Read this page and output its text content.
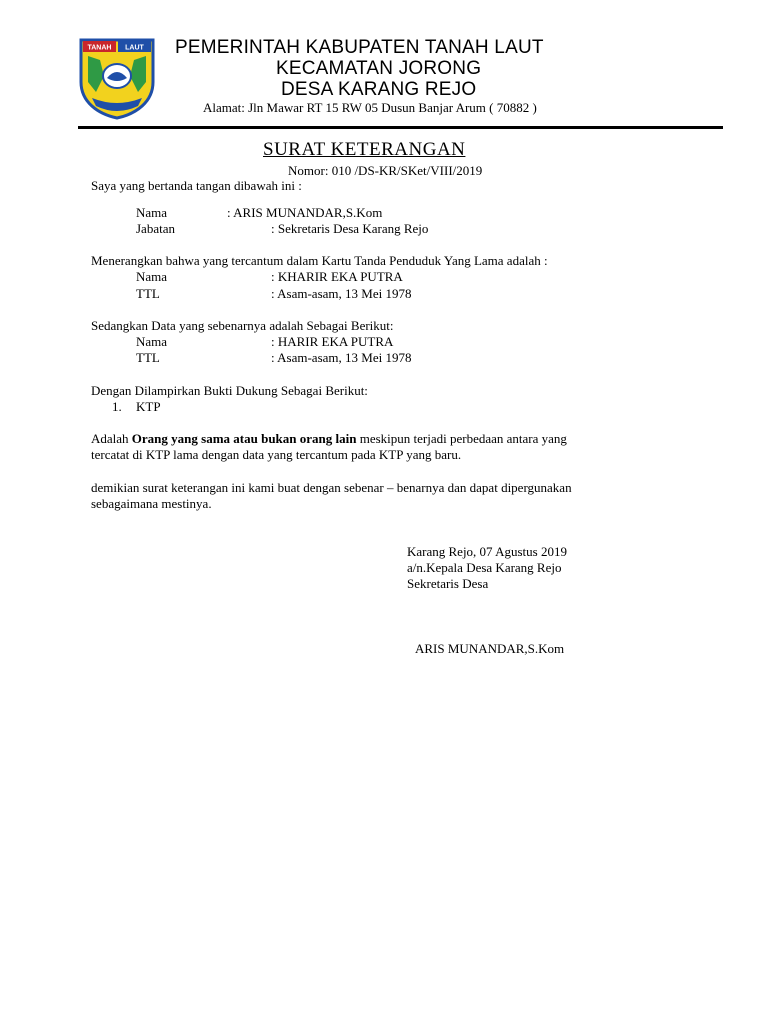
TANAH LAUT PEMERINTAH KABUPATEN TANAH LAUT
KECAMATAN JORONG
DESA KARANG REJO
Alamat: Jln Mawar RT 15 RW 05 Dusun Banjar Arum ( 70882 )
SURAT KETERANGAN
Nomor: 010 /DS-KR/SKet/VIII/2019
Saya yang bertanda tangan dibawah ini :
Nama	: ARIS MUNANDAR,S.Kom
Jabatan	: Sekretaris Desa Karang Rejo
Menerangkan bahwa yang tercantum dalam Kartu Tanda Penduduk Yang Lama adalah :
Nama	: KHARIR EKA PUTRA
TTL	: Asam-asam, 13 Mei 1978
Sedangkan Data yang sebenarnya adalah Sebagai Berikut:
Nama	: HARIR EKA PUTRA
TTL	: Asam-asam, 13 Mei 1978
Dengan Dilampirkan Bukti Dukung Sebagai Berikut:
1. KTP
Adalah Orang yang sama atau bukan orang lain meskipun terjadi perbedaan antara yang
tercatat di KTP lama dengan data yang tercantum pada KTP yang baru.
demikian surat keterangan ini kami buat dengan sebenar – benarnya dan dapat dipergunakan
sebagaimana mestinya.
Karang Rejo, 07 Agustus 2019
a/n.Kepala Desa Karang Rejo
Sekretaris Desa
ARIS MUNANDAR,S.Kom
